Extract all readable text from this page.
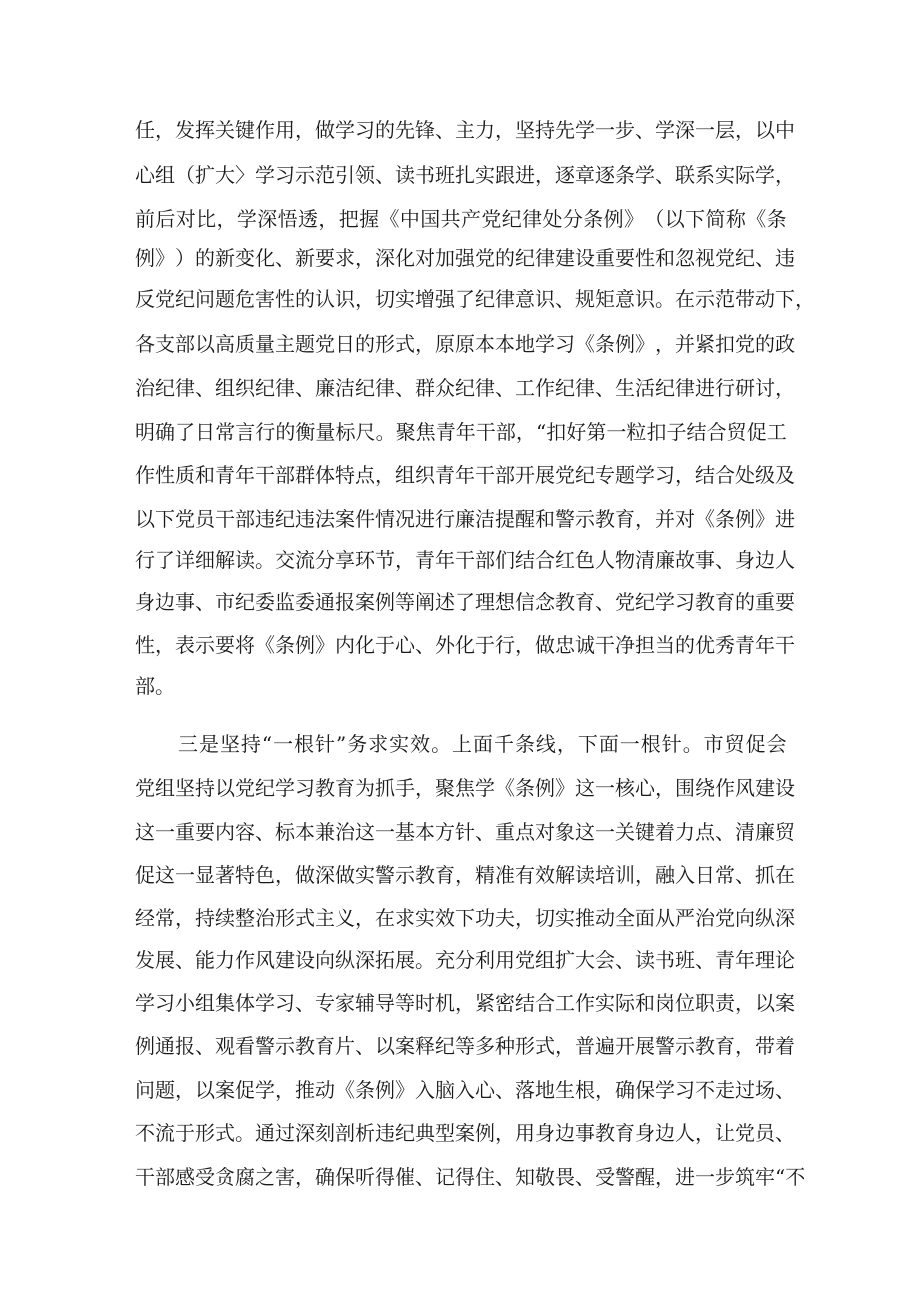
任 ， 发 挥 关 键 作 用 ， 做 学 习 的 先 锋 、 主 力 ， 坚 持 先 学 一 步 、 学 深 一 层 ， 以 中
心 组 （ 扩 大 〉 学 习 示 范 引 领 、 读 书 班 扎 实 跟 进 ， 逐 章 逐 条 学 、 联 系 实 际 学 ，
前 后 对 比 ， 学 深 悟 透 ， 把 握 《 中 国 共 产 党 纪 律 处 分 条 例 》 （ 以 下 简 称 《 条
例 》 ） 的 新 变 化 、 新 要 求 ， 深 化 对 加 强 党 的 纪 律 建 设 重 要 性 和 忽 视 党 纪 、 违
反 党 纪 问 题 危 害 性 的 认 识 ， 切 实 增 强 了 纪 律 意 识 、 规 矩 意 识 。 在 示 范 带 动 下 ，
各 支 部 以 高 质 量 主 题 党 日 的 形 式 ， 原 原 本 本 地 学 习 《 条 例 》 ， 并 紧 扣 党 的 政
治 纪 律 、 组 织 纪 律 、 廉 洁 纪 律 、 群 众 纪 律 、 工 作 纪 律 、 生 活 纪 律 进 行 研 讨 ，
明 确 了 日 常 言 行 的 衡 量 标 尺 。 聚 焦 青 年 干 部 ， “ 扣 好 第 一 粒 扣 子 结 合 贸 促 工
作 性 质 和 青 年 干 部 群 体 特 点 ， 组 织 青 年 干 部 开 展 党 纪 专 题 学 习 ， 结 合 处 级 及
以 下 党 员 干 部 违 纪 违 法 案 件 情 况 进 行 廉 洁 提 醒 和 警 示 教 育 ， 并 对 《 条 例 》 进
行 了 详 细 解 读 。 交 流 分 享 环 节 ， 青 年 干 部 们 结 合 红 色 人 物 清 廉 故 事 、 身 边 人
身 边 事 、 市 纪 委 监 委 通 报 案 例 等 阐 述 了 理 想 信 念 教 育 、 党 纪 学 习 教 育 的 重 要
性 ， 表 示 要 将 《 条 例 》 内 化 于 心 、 外 化 于 行 ， 做 忠 诚 干 净 担 当 的 优 秀 青 年 干
部。
三 是 坚 持 “ 一 根 针 ” 务 求 实 效 。 上 面 千 条 线 ， 下 面 一 根 针 。 市 贸 促 会
党 组 坚 持 以 党 纪 学 习 教 育 为 抓 手 ， 聚 焦 学 《 条 例 》 这 一 核 心 ， 围 绕 作 风 建 设
这 一 重 要 内 容 、 标 本 兼 治 这 一 基 本 方 针 、 重 点 对 象 这 一 关 键 着 力 点 、 清 廉 贸
促 这 一 显 著 特 色 ， 做 深 做 实 警 示 教 育 ， 精 准 有 效 解 读 培 训 ， 融 入 日 常 、 抓 在
经 常 ， 持 续 整 治 形 式 主 义 ， 在 求 实 效 下 功 夫 ， 切 实 推 动 全 面 从 严 治 党 向 纵 深
发 展 、 能 力 作 风 建 设 向 纵 深 拓 展 。 充 分 利 用 党 组 扩 大 会 、 读 书 班 、 青 年 理 论
学 习 小 组 集 体 学 习 、 专 家 辅 导 等 时 机 ， 紧 密 结 合 工 作 实 际 和 岗 位 职 责 ， 以 案
例 通 报 、 观 看 警 示 教 育 片 、 以 案 释 纪 等 多 种 形 式 ， 普 遍 开 展 警 示 教 育 ， 带 着
问 题 ， 以 案 促 学 ， 推 动 《 条 例 》 入 脑 入 心 、 落 地 生 根 ， 确 保 学 习 不 走 过 场 、
不 流 于 形 式 。 通 过 深 刻 剖 析 违 纪 典 型 案 例 ， 用 身 边 事 教 育 身 边 人 ， 让 党 员 、
干 部 感 受 贪 腐 之 害 ， 确 保 听 得 催 、 记 得 住 、 知 敬 畏 、 受 警 醒 ， 进 一 步 筑 牢 “ 不
